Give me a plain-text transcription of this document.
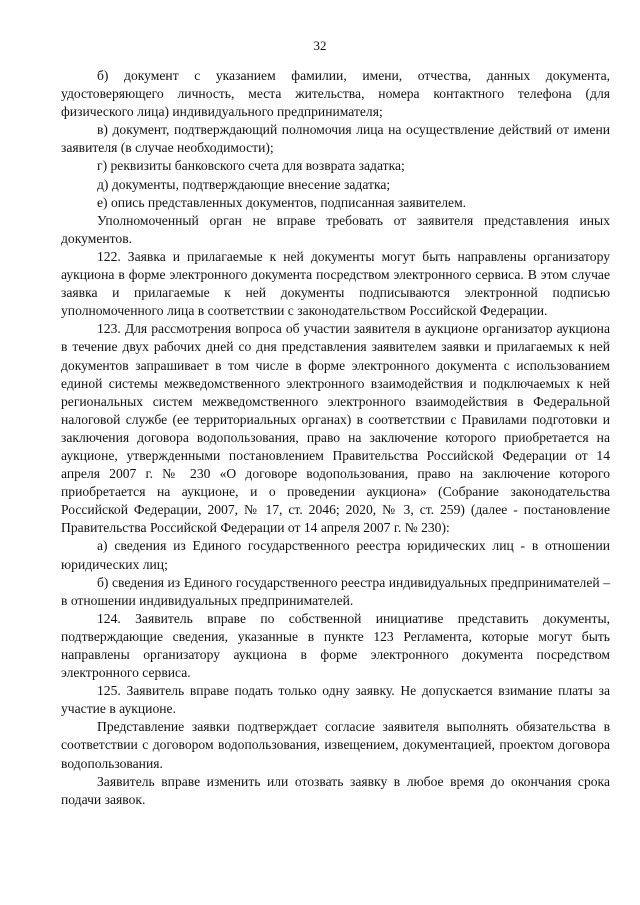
32

б) документ с указанием фамилии, имени, отчества, данных документа, удостоверяющего личность, места жительства, номера контактного телефона (для физического лица) индивидуального предпринимателя;

в) документ, подтверждающий полномочия лица на осуществление действий от имени заявителя (в случае необходимости);

г) реквизиты банковского счета для возврата задатка;

д) документы, подтверждающие внесение задатка;

е) опись представленных документов, подписанная заявителем.

Уполномоченный орган не вправе требовать от заявителя представления иных документов.

122. Заявка и прилагаемые к ней документы могут быть направлены организатору аукциона в форме электронного документа посредством электронного сервиса. В этом случае заявка и прилагаемые к ней документы подписываются электронной подписью уполномоченного лица в соответствии с законодательством Российской Федерации.

123. Для рассмотрения вопроса об участии заявителя в аукционе организатор аукциона в течение двух рабочих дней со дня представления заявителем заявки и прилагаемых к ней документов запрашивает в том числе в форме электронного документа с использованием единой системы межведомственного электронного взаимодействия и подключаемых к ней региональных систем межведомственного электронного взаимодействия в Федеральной налоговой службе (ее территориальных органах) в соответствии с Правилами подготовки и заключения договора водопользования, право на заключение которого приобретается на аукционе, утвержденными постановлением Правительства Российской Федерации от 14 апреля 2007 г. № 230 «О договоре водопользования, право на заключение которого приобретается на аукционе, и о проведении аукциона» (Собрание законодательства Российской Федерации, 2007, № 17, ст. 2046; 2020, № 3, ст. 259) (далее - постановление Правительства Российской Федерации от 14 апреля 2007 г. № 230):

а) сведения из Единого государственного реестра юридических лиц - в отношении юридических лиц;

б) сведения из Единого государственного реестра индивидуальных предпринимателей – в отношении индивидуальных предпринимателей.

124. Заявитель вправе по собственной инициативе представить документы, подтверждающие сведения, указанные в пункте 123 Регламента, которые могут быть направлены организатору аукциона в форме электронного документа посредством электронного сервиса.

125. Заявитель вправе подать только одну заявку. Не допускается взимание платы за участие в аукционе.

Представление заявки подтверждает согласие заявителя выполнять обязательства в соответствии с договором водопользования, извещением, документацией, проектом договора водопользования.

Заявитель вправе изменить или отозвать заявку в любое время до окончания срока подачи заявок.
